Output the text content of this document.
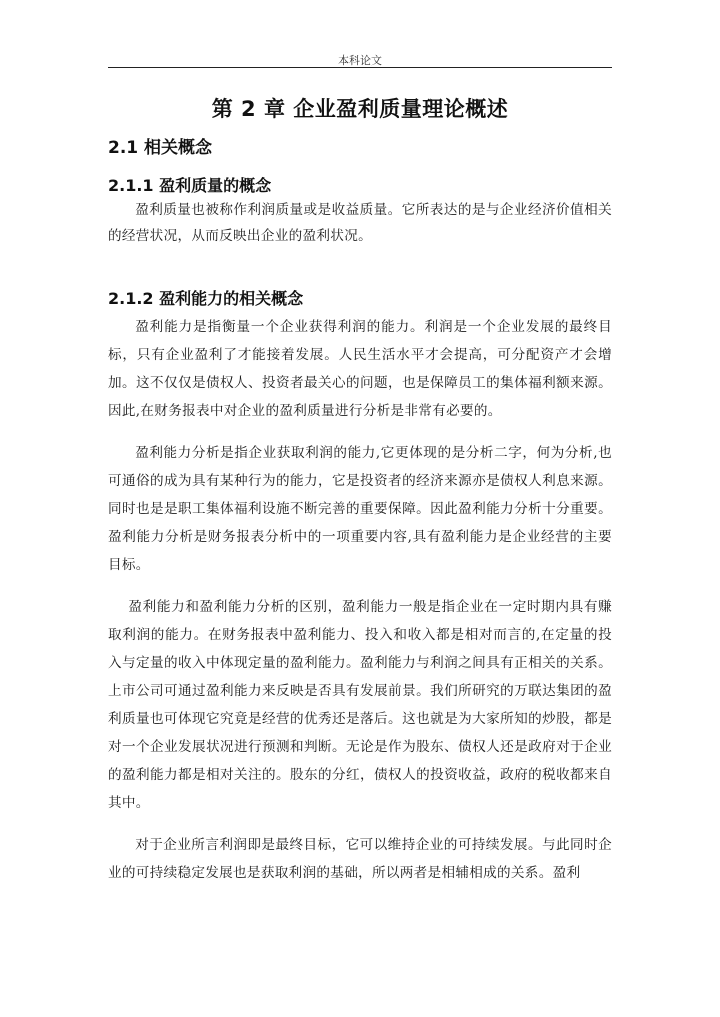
本科论文
第 2 章 企业盈利质量理论概述
2.1 相关概念
2.1.1 盈利质量的概念

盈利质量也被称作利润质量或是收益质量。它所表达的是与企业经济价值相关的经营状况，从而反映出企业的盈利状况。

2.1.2 盈利能力的相关概念

盈利能力是指衡量一个企业获得利润的能力。利润是一个企业发展的最终目标，只有企业盈利了才能接着发展。人民生活水平才会提高，可分配资产才会增加。这不仅仅是债权人、投资者最关心的问题，也是保障员工的集体福利额来源。因此,在财务报表中对企业的盈利质量进行分析是非常有必要的。

盈利能力分析是指企业获取利润的能力,它更体现的是分析二字，何为分析,也可通俗的成为具有某种行为的能力，它是投资者的经济来源亦是债权人利息来源。同时也是是职工集体福利设施不断完善的重要保障。因此盈利能力分析十分重要。盈利能力分析是财务报表分析中的一项重要内容,具有盈利能力是企业经营的主要目标。

盈利能力和盈利能力分析的区别，盈利能力一般是指企业在一定时期内具有赚取利润的能力。在财务报表中盈利能力、投入和收入都是相对而言的,在定量的投入与定量的收入中体现定量的盈利能力。盈利能力与利润之间具有正相关的关系。上市公司可通过盈利能力来反映是否具有发展前景。我们所研究的万联达集团的盈利质量也可体现它究竟是经营的优秀还是落后。这也就是为大家所知的炒股，都是对一个企业发展状况进行预测和判断。无论是作为股东、债权人还是政府对于企业的盈利能力都是相对关注的。股东的分红，债权人的投资收益，政府的税收都来自其中。

对于企业所言利润即是最终目标，它可以维持企业的可持续发展。与此同时企业的可持续稳定发展也是获取利润的基础，所以两者是相辅相成的关系。盈利
